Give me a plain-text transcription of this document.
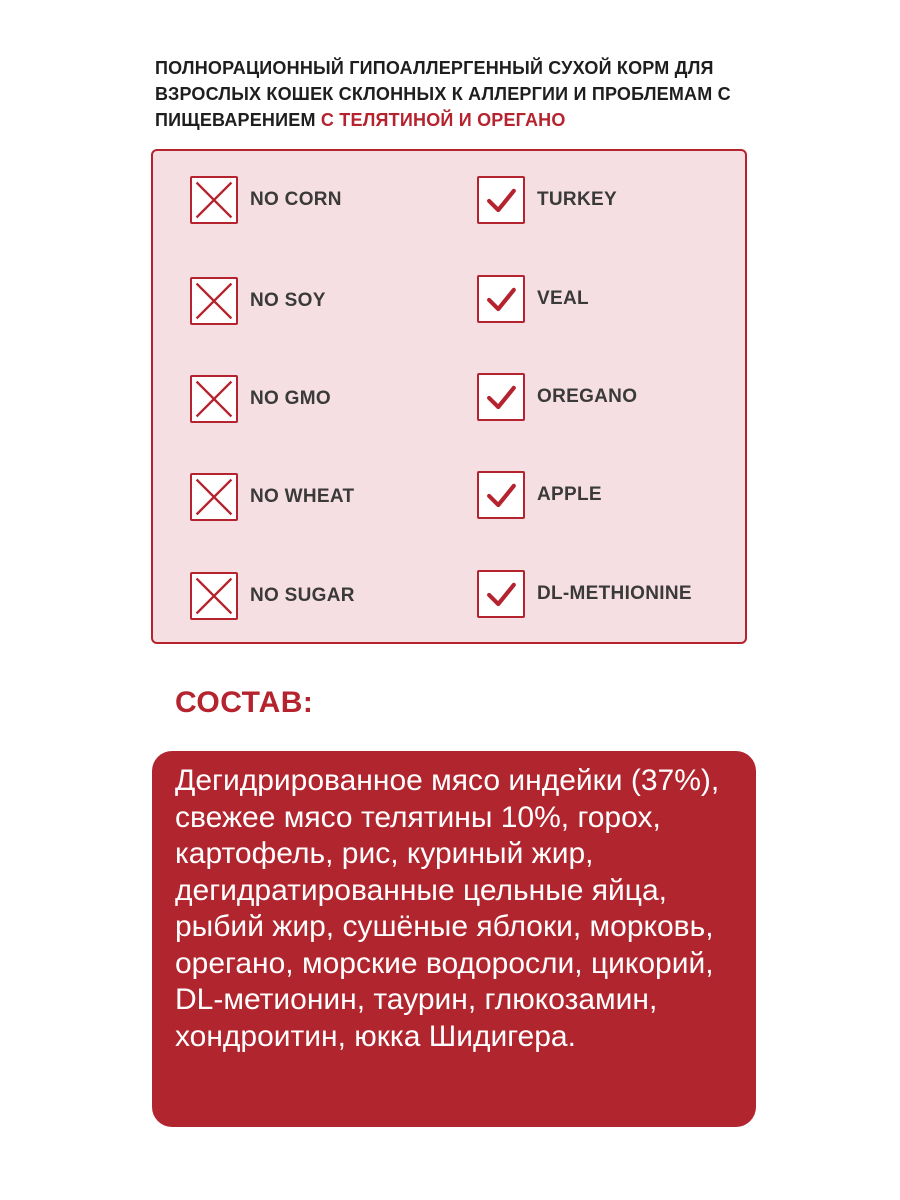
ПОЛНОРАЦИОННЫЙ ГИПОАЛЛЕРГЕННЫЙ СУХОЙ КОРМ ДЛЯ ВЗРОСЛЫХ КОШЕК СКЛОННЫХ К АЛЛЕРГИИ И ПРОБЛЕМАМ С ПИЩЕВАРЕНИЕМ С ТЕЛЯТИНОЙ И ОРЕГАНО
NO CORN
NO SOY
NO GMO
NO WHEAT
NO SUGAR
TURKEY
VEAL
OREGANO
APPLE
DL-METHIONINE
СОСТАВ:

Дегидрированное мясо индейки (37%), свежее мясо телятины 10%, горох, картофель, рис, куриный жир, дегидратированные цельные яйца, рыбий жир, сушёные яблоки, морковь, орегано, морские водоросли, цикорий, DL-метионин, таурин, глюкозамин, хондроитин, юкка Шидигера.
